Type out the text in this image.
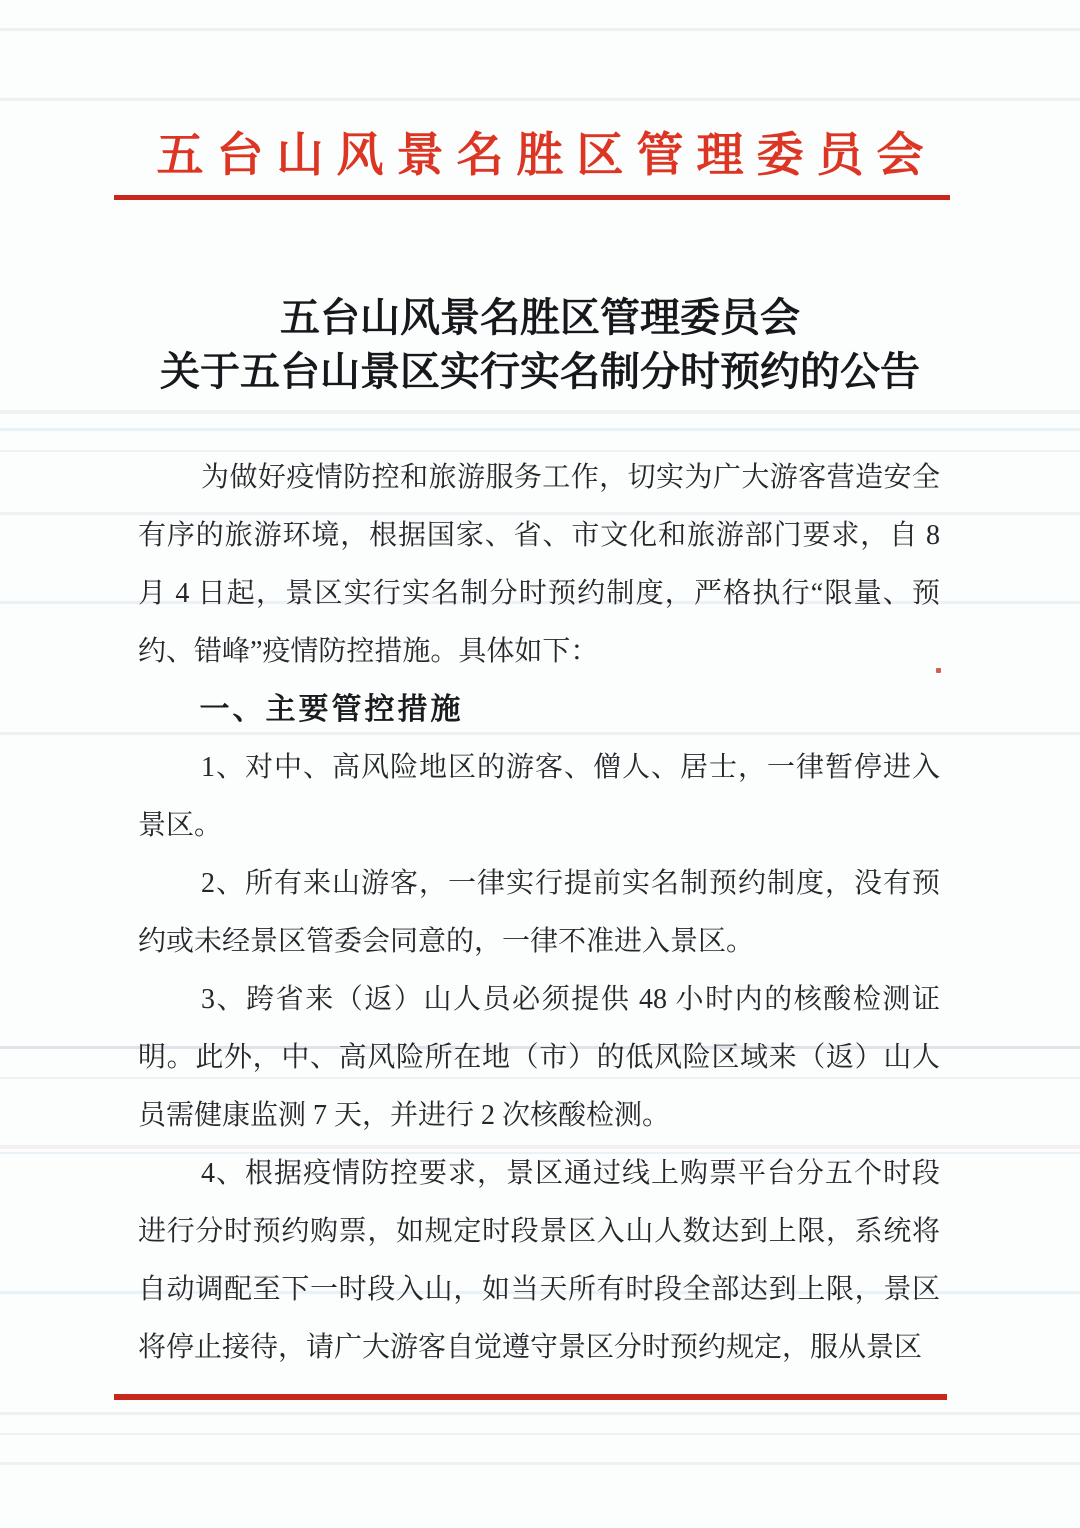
五台山风景名胜区管理委员会
五台山风景名胜区管理委员会
关于五台山景区实行实名制分时预约的公告

为做好疫情防控和旅游服务工作，切实为广大游客营造安全有序的旅游环境，根据国家、省、市文化和旅游部门要求，自 8 月 4 日起，景区实行实名制分时预约制度，严格执行“限量、预约、错峰”疫情防控措施。具体如下：

一、主要管控措施

1、对中、高风险地区的游客、僧人、居士，一律暂停进入景区。

2、所有来山游客，一律实行提前实名制预约制度，没有预约或未经景区管委会同意的，一律不准进入景区。

3、跨省来（返）山人员必须提供 48 小时内的核酸检测证明。此外，中、高风险所在地（市）的低风险区域来（返）山人员需健康监测 7 天，并进行 2 次核酸检测。

4、根据疫情防控要求，景区通过线上购票平台分五个时段进行分时预约购票，如规定时段景区入山人数达到上限，系统将自动调配至下一时段入山，如当天所有时段全部达到上限，景区将停止接待，请广大游客自觉遵守景区分时预约规定，服从景区
